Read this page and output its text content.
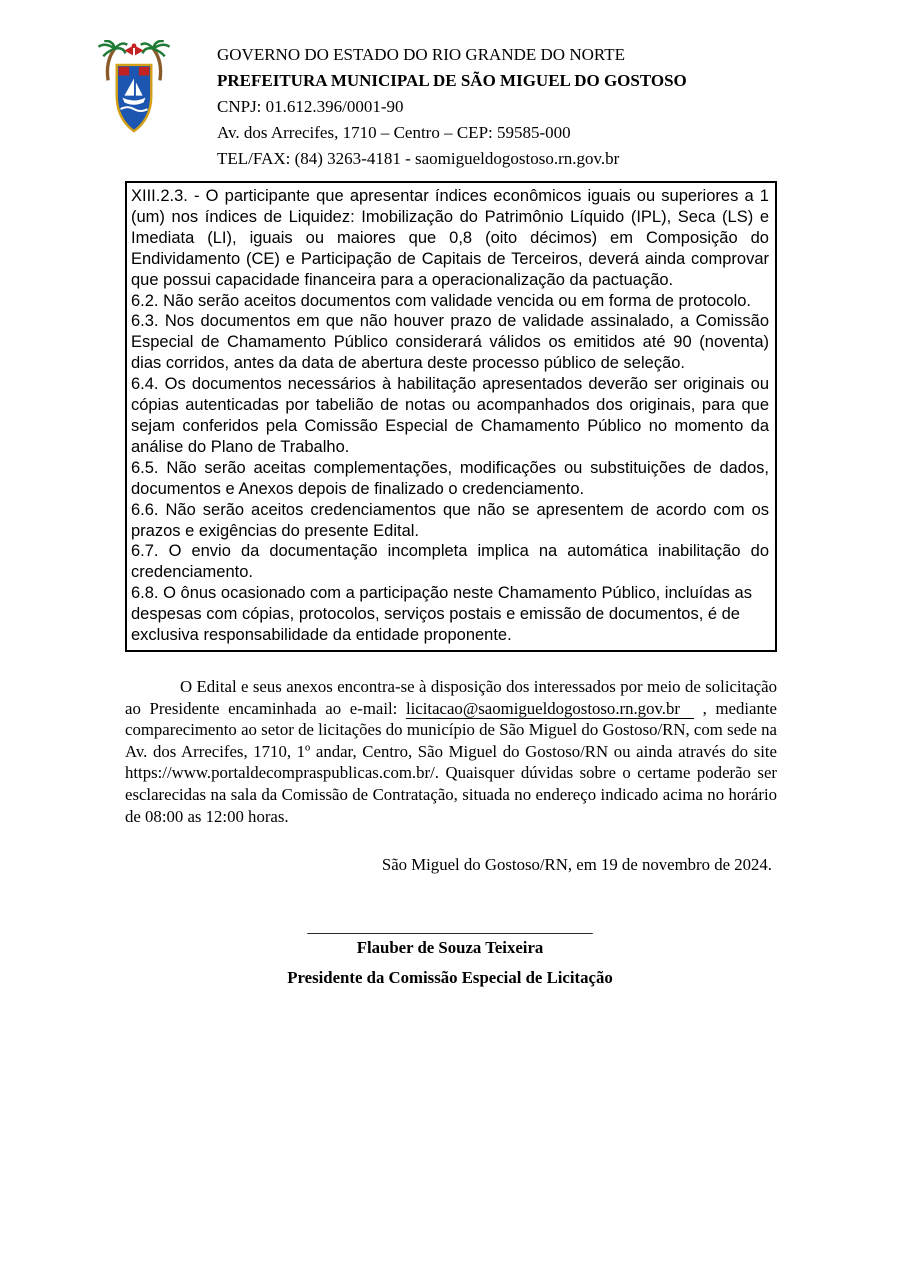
GOVERNO DO ESTADO DO RIO GRANDE DO NORTE
PREFEITURA MUNICIPAL DE SÃO MIGUEL DO GOSTOSO
CNPJ: 01.612.396/0001-90
Av. dos Arrecifes, 1710 – Centro – CEP: 59585-000
TEL/FAX: (84) 3263-4181 - saomigueldogostoso.rn.gov.br

XIII.2.3. - O participante que apresentar índices econômicos iguais ou superiores a 1 (um) nos índices de Liquidez: Imobilização do Patrimônio Líquido (IPL), Seca (LS) e Imediata (LI), iguais ou maiores que 0,8 (oito décimos) em Composição do Endividamento (CE) e Participação de Capitais de Terceiros, deverá ainda comprovar que possui capacidade financeira para a operacionalização da pactuação.

6.2. Não serão aceitos documentos com validade vencida ou em forma de protocolo.

6.3. Nos documentos em que não houver prazo de validade assinalado, a Comissão Especial de Chamamento Público considerará válidos os emitidos até 90 (noventa) dias corridos, antes da data de abertura deste processo público de seleção.

6.4. Os documentos necessários à habilitação apresentados deverão ser originais ou cópias autenticadas por tabelião de notas ou acompanhados dos originais, para que sejam conferidos pela Comissão Especial de Chamamento Público no momento da análise do Plano de Trabalho.

6.5. Não serão aceitas complementações, modificações ou substituições de dados, documentos e Anexos depois de finalizado o credenciamento.

6.6. Não serão aceitos credenciamentos que não se apresentem de acordo com os prazos e exigências do presente Edital.

6.7. O envio da documentação incompleta implica na automática inabilitação do credenciamento.

6.8. O ônus ocasionado com a participação neste Chamamento Público, incluídas as despesas com cópias, protocolos, serviços postais e emissão de documentos, é de exclusiva responsabilidade da entidade proponente.

O Edital e seus anexos encontra-se à disposição dos interessados por meio de solicitação ao Presidente encaminhada ao e-mail: licitacao@saomigueldogostoso.rn.gov.br , mediante comparecimento ao setor de licitações do município de São Miguel do Gostoso/RN, com sede na Av. dos Arrecifes, 1710, 1º andar, Centro, São Miguel do Gostoso/RN ou ainda através do site https://www.portaldecompraspublicas.com.br/. Quaisquer dúvidas sobre o certame poderão ser esclarecidas na sala da Comissão de Contratação, situada no endereço indicado acima no horário de 08:00 as 12:00 horas.

São Miguel do Gostoso/RN, em 19 de novembro de 2024.

__________________________________
Flauber de Souza Teixeira
Presidente da Comissão Especial de Licitação
